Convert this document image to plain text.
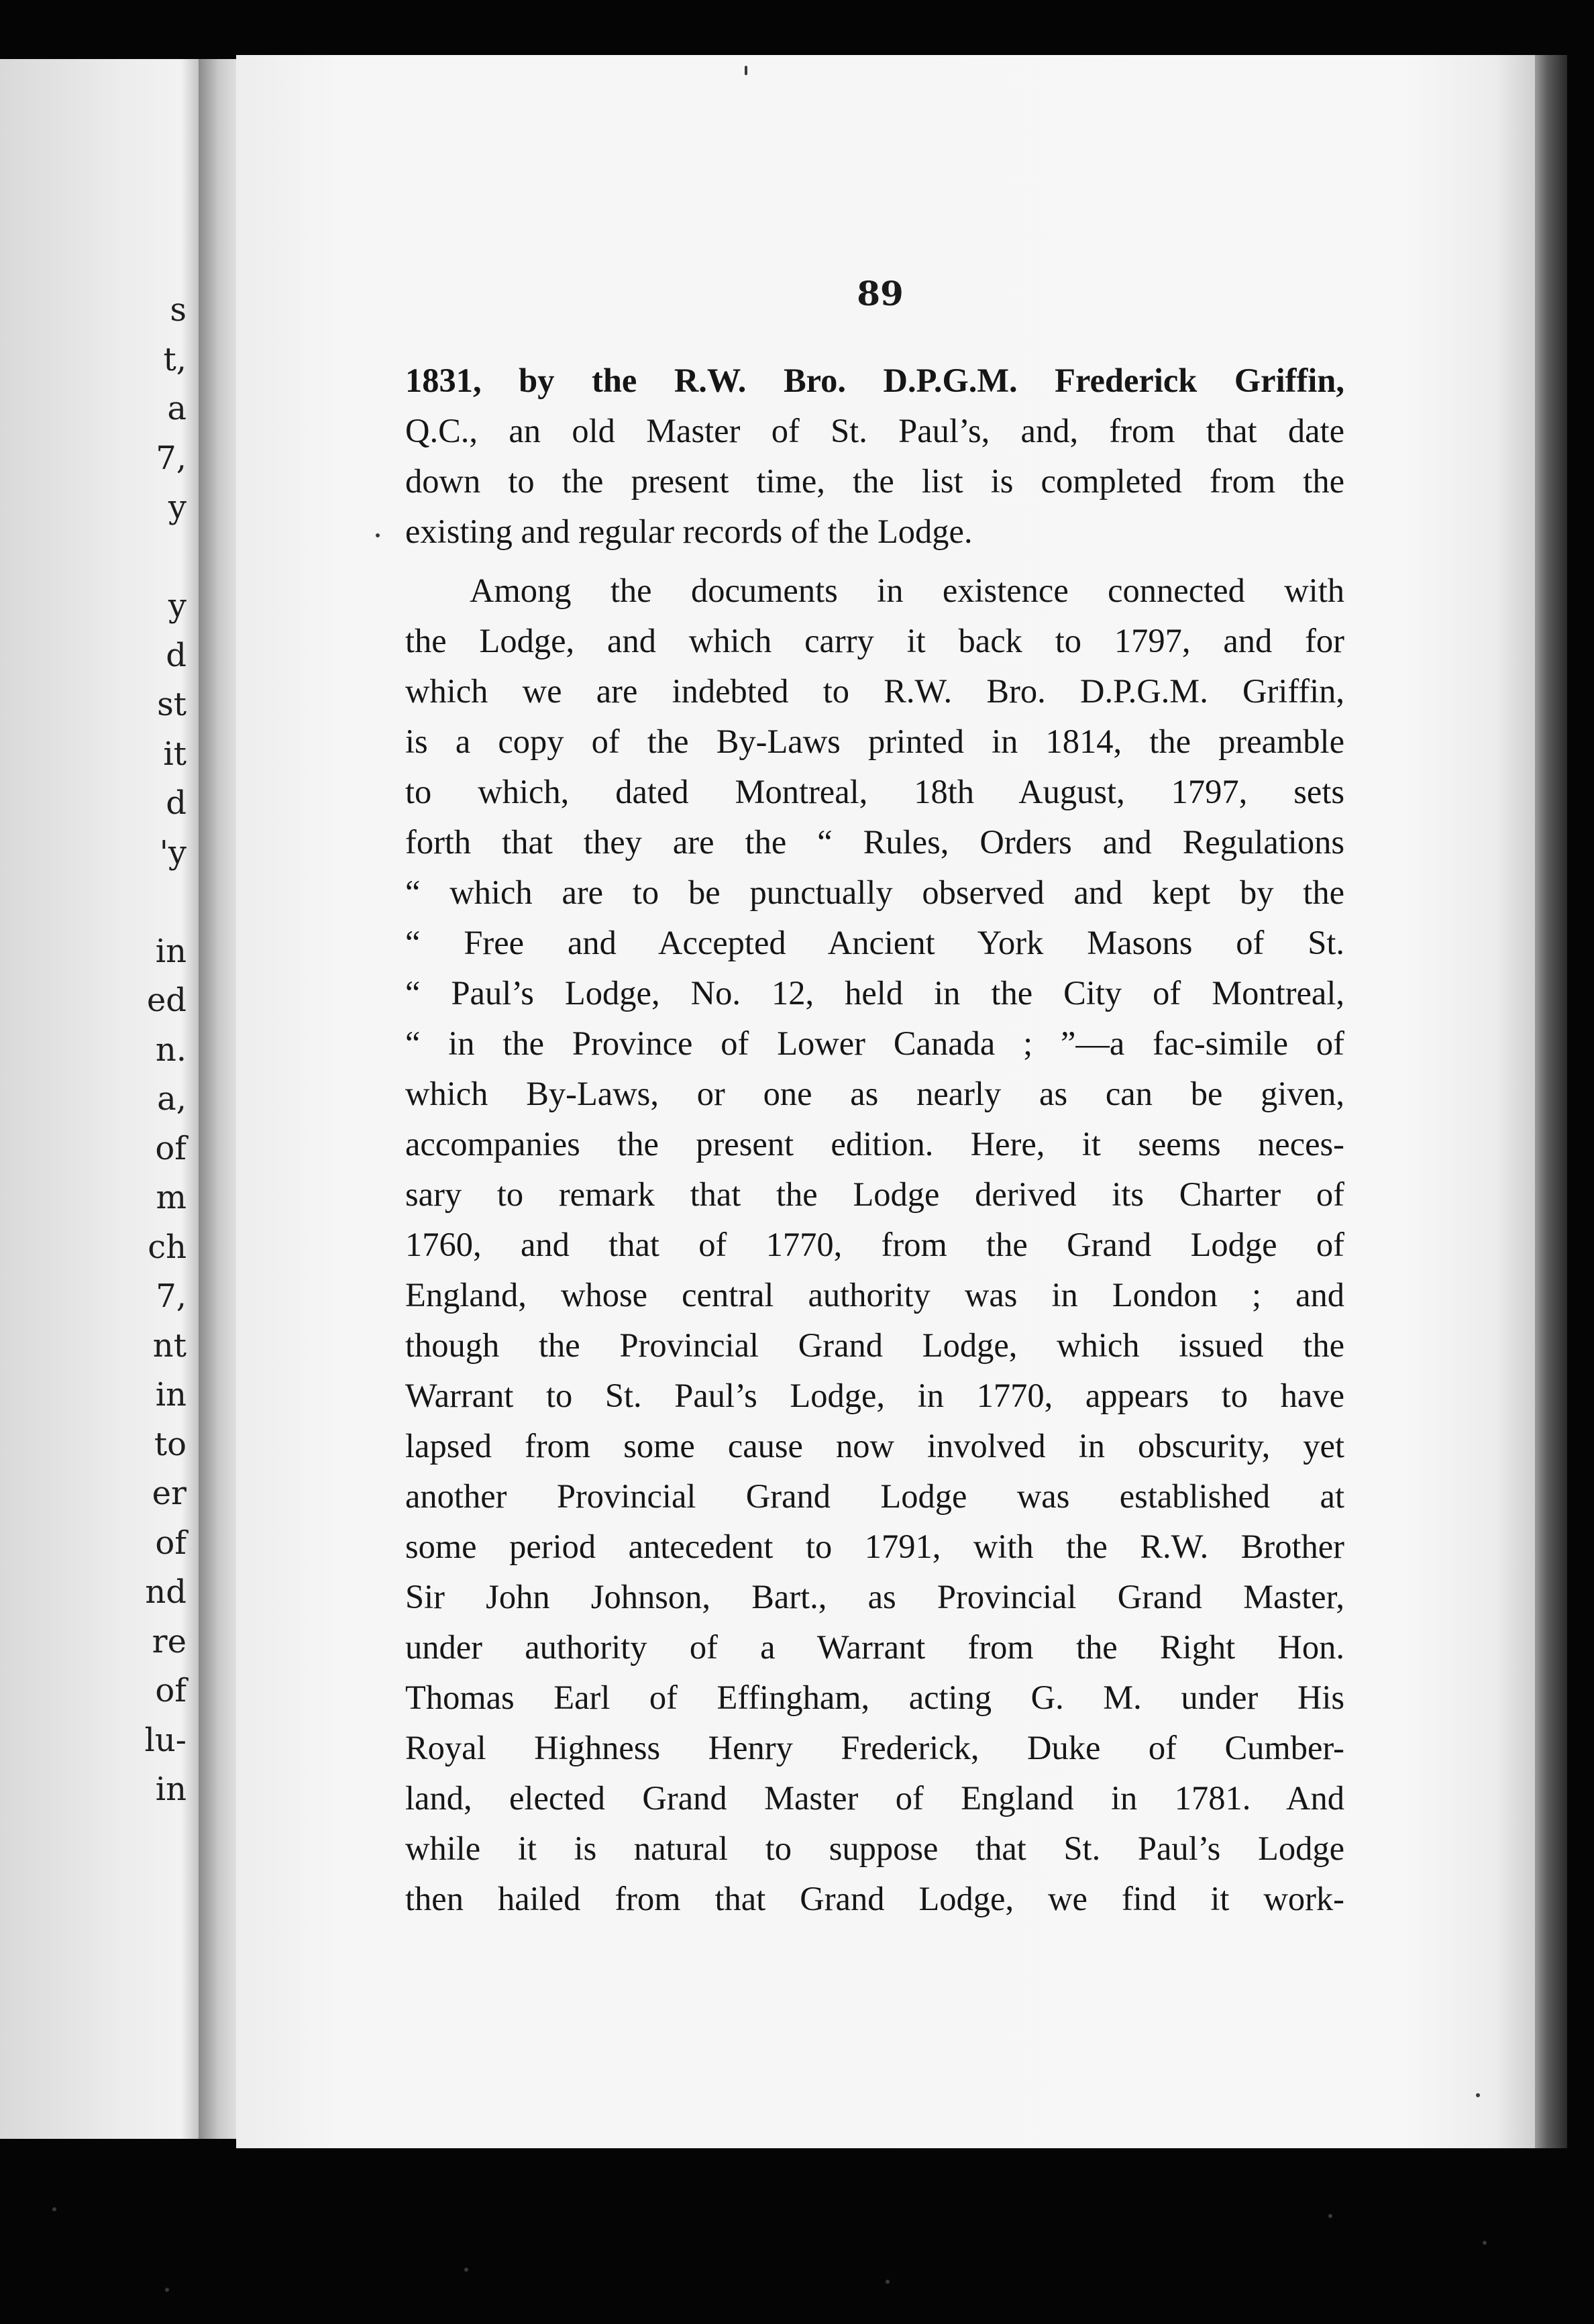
s
t,
a
7,
y
y
d
st
it
d
'y
in
ed
n.
a,
of
m
ch
7,
nt
in
to
er
of
nd
re
of
lu-
in
89
1831, by the R.W. Bro. D.P.G.M. Frederick Griffin,
Q.C., an old Master of St. Paul’s, and, from that date
down to the present time, the list is completed from the
existing and regular records of the Lodge.
Among the documents in existence connected with
the Lodge, and which carry it back to 1797, and for
which we are indebted to R.W. Bro. D.P.G.M. Griffin,
is a copy of the By-Laws printed in 1814, the preamble
to which, dated Montreal, 18th August, 1797, sets
forth that they are the “ Rules, Orders and Regulations
“ which are to be punctually observed and kept by the
“ Free and Accepted Ancient York Masons of St.
“ Paul’s Lodge, No. 12, held in the City of Montreal,
“ in the Province of Lower Canada ; ”—a fac-simile of
which By-Laws, or one as nearly as can be given,
accompanies the present edition. Here, it seems neces-
sary to remark that the Lodge derived its Charter of
1760, and that of 1770, from the Grand Lodge of
England, whose central authority was in London ; and
though the Provincial Grand Lodge, which issued the
Warrant to St. Paul’s Lodge, in 1770, appears to have
lapsed from some cause now involved in obscurity, yet
another Provincial Grand Lodge was established at
some period antecedent to 1791, with the R.W. Brother
Sir John Johnson, Bart., as Provincial Grand Master,
under authority of a Warrant from the Right Hon.
Thomas Earl of Effingham, acting G. M. under His
Royal Highness Henry Frederick, Duke of Cumber-
land, elected Grand Master of England in 1781. And
while it is natural to suppose that St. Paul’s Lodge
then hailed from that Grand Lodge, we find it work-
